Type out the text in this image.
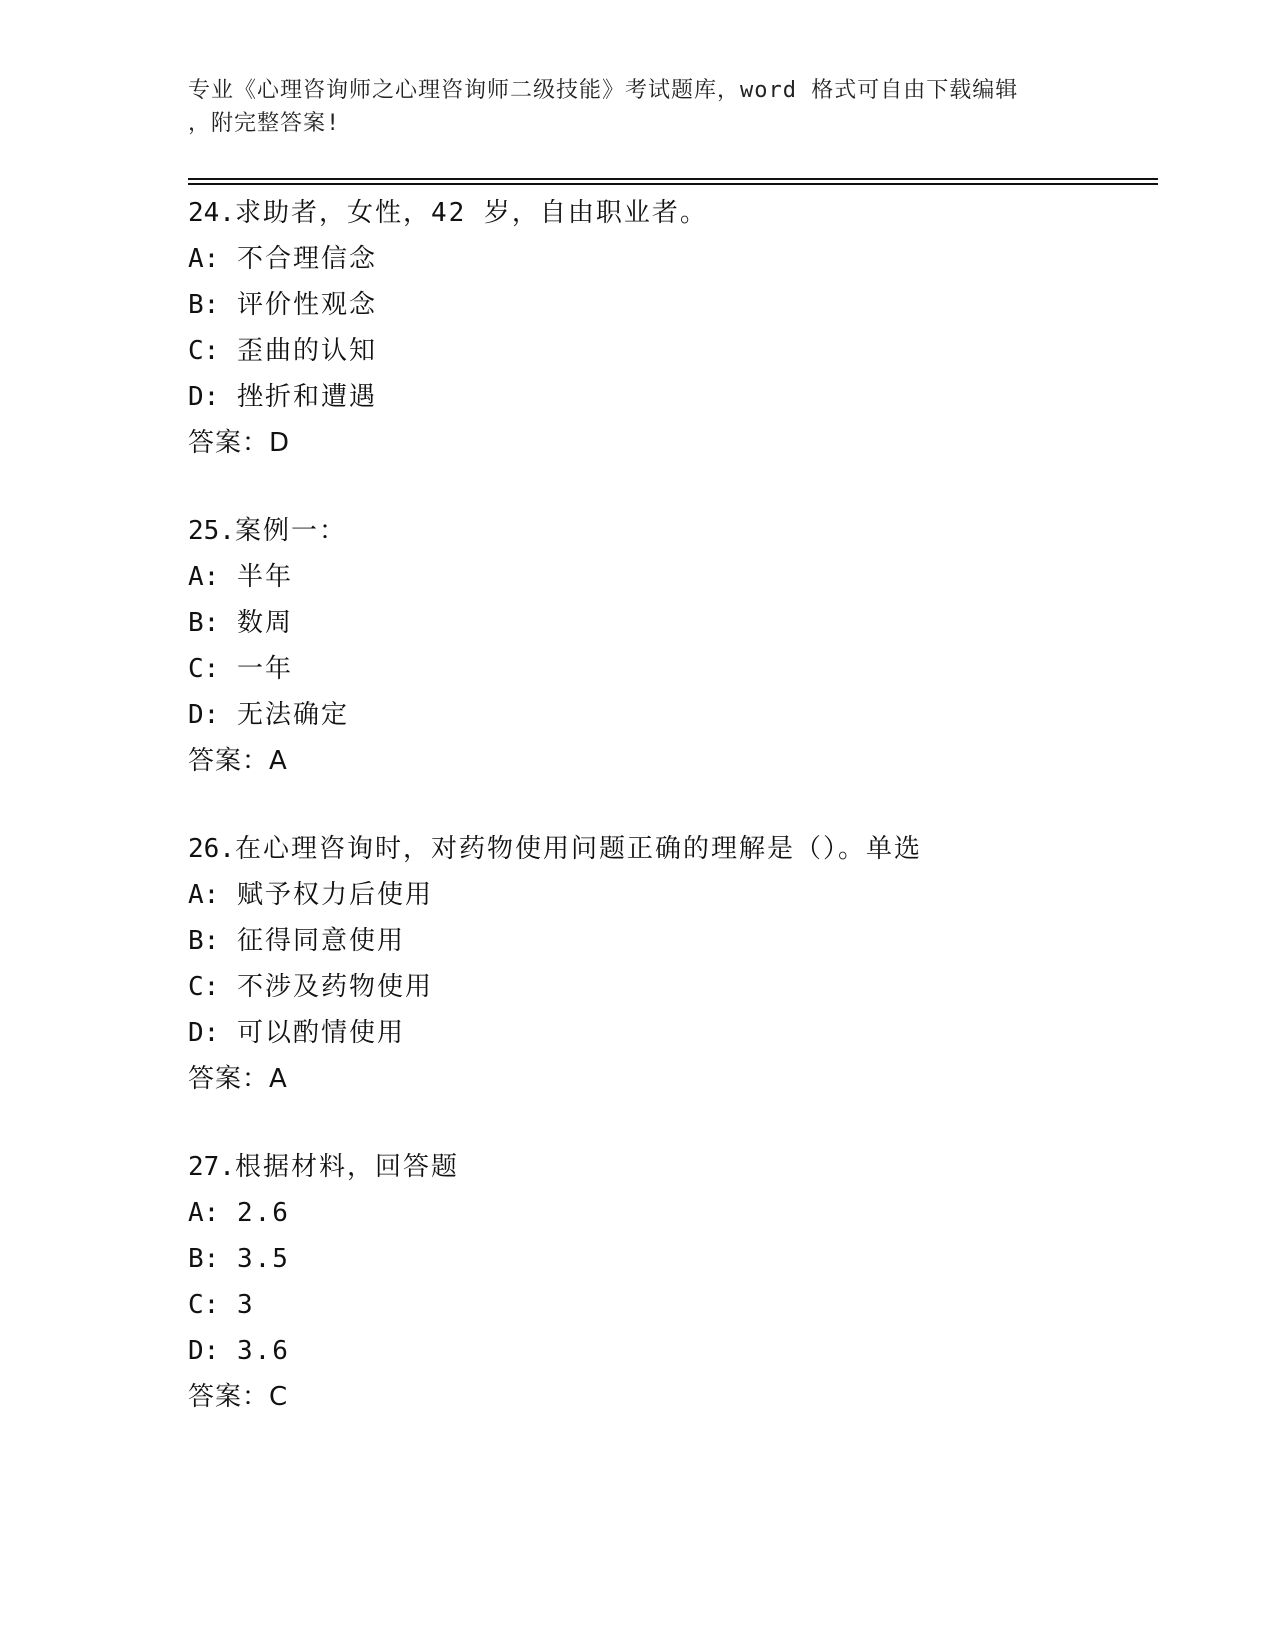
专业《心理咨询师之心理咨询师二级技能》考试题库，word 格式可自由下载编辑
，附完整答案!
24.求助者，女性，42 岁，自由职业者。
A: 不合理信念
B: 评价性观念
C: 歪曲的认知
D: 挫折和遭遇
答案：D
25.案例一：
A: 半年
B: 数周
C: 一年
D: 无法确定
答案：A
26.在心理咨询时，对药物使用问题正确的理解是（）。单选
A: 赋予权力后使用
B: 征得同意使用
C: 不涉及药物使用
D: 可以酌情使用
答案：A
27.根据材料，回答题
A: 2.6
B: 3.5
C: 3
D: 3.6
答案：C
